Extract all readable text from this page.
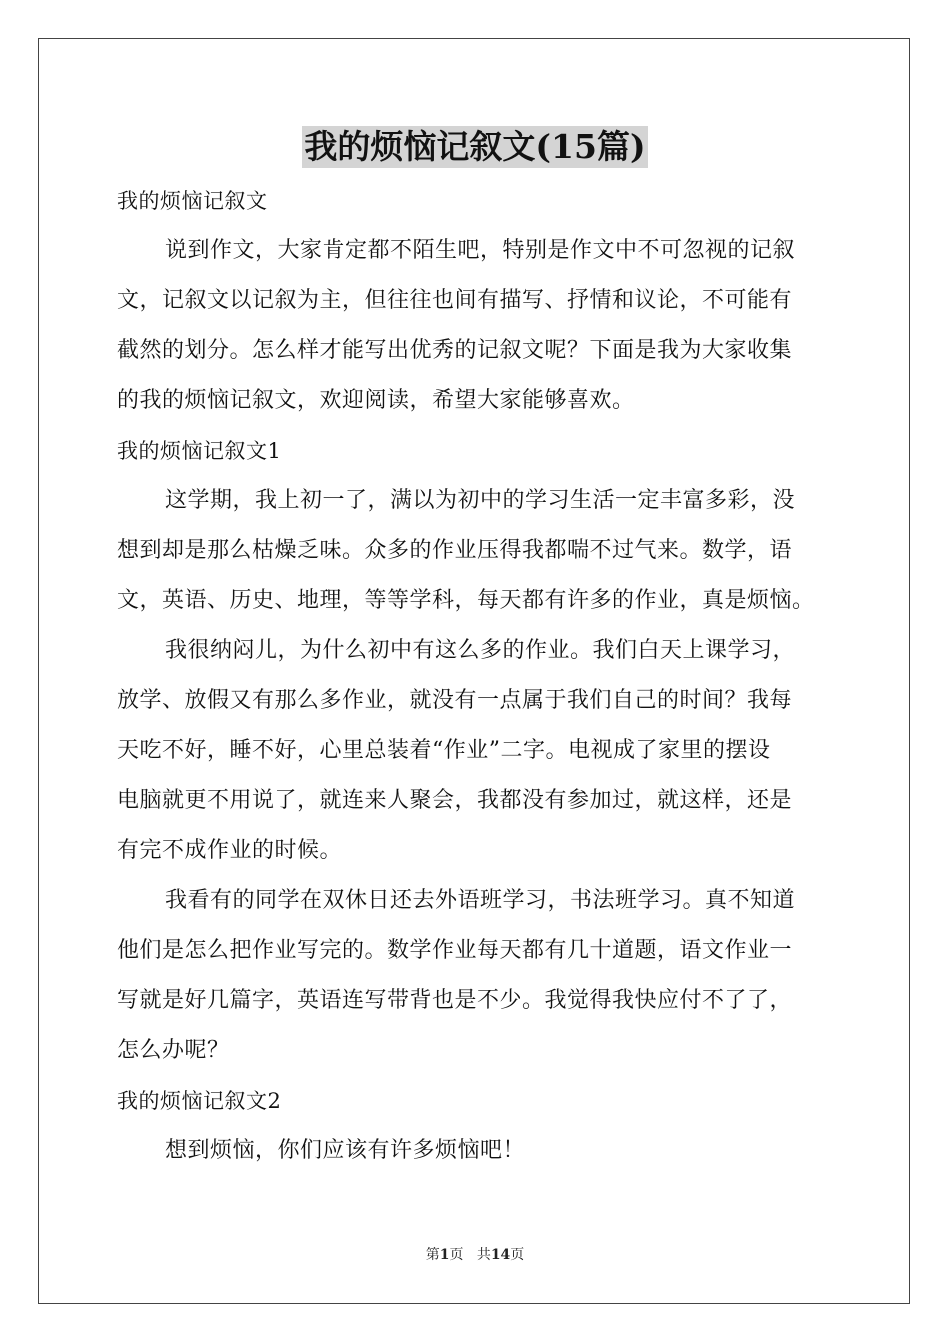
我的烦恼记叙文(15篇)
我的烦恼记叙文
说到作文，大家肯定都不陌生吧，特别是作文中不可忽视的记叙
文，记叙文以记叙为主，但往往也间有描写、抒情和议论，不可能有
截然的划分。怎么样才能写出优秀的记叙文呢？下面是我为大家收集
的我的烦恼记叙文，欢迎阅读，希望大家能够喜欢。
我的烦恼记叙文1
这学期，我上初一了，满以为初中的学习生活一定丰富多彩，没
想到却是那么枯燥乏味。众多的作业压得我都喘不过气来。数学，语
文，英语、历史、地理，等等学科，每天都有许多的作业，真是烦恼。
我很纳闷儿，为什么初中有这么多的作业。我们白天上课学习，
放学、放假又有那么多作业，就没有一点属于我们自己的时间？我每
天吃不好，睡不好，心里总装着“作业”二字。电视成了家里的摆设
电脑就更不用说了，就连来人聚会，我都没有参加过，就这样，还是
有完不成作业的时候。
我看有的同学在双休日还去外语班学习，书法班学习。真不知道
他们是怎么把作业写完的。数学作业每天都有几十道题，语文作业一
写就是好几篇字，英语连写带背也是不少。我觉得我快应付不了了，
怎么办呢？
我的烦恼记叙文2
想到烦恼，你们应该有许多烦恼吧！
第1页 共14页
